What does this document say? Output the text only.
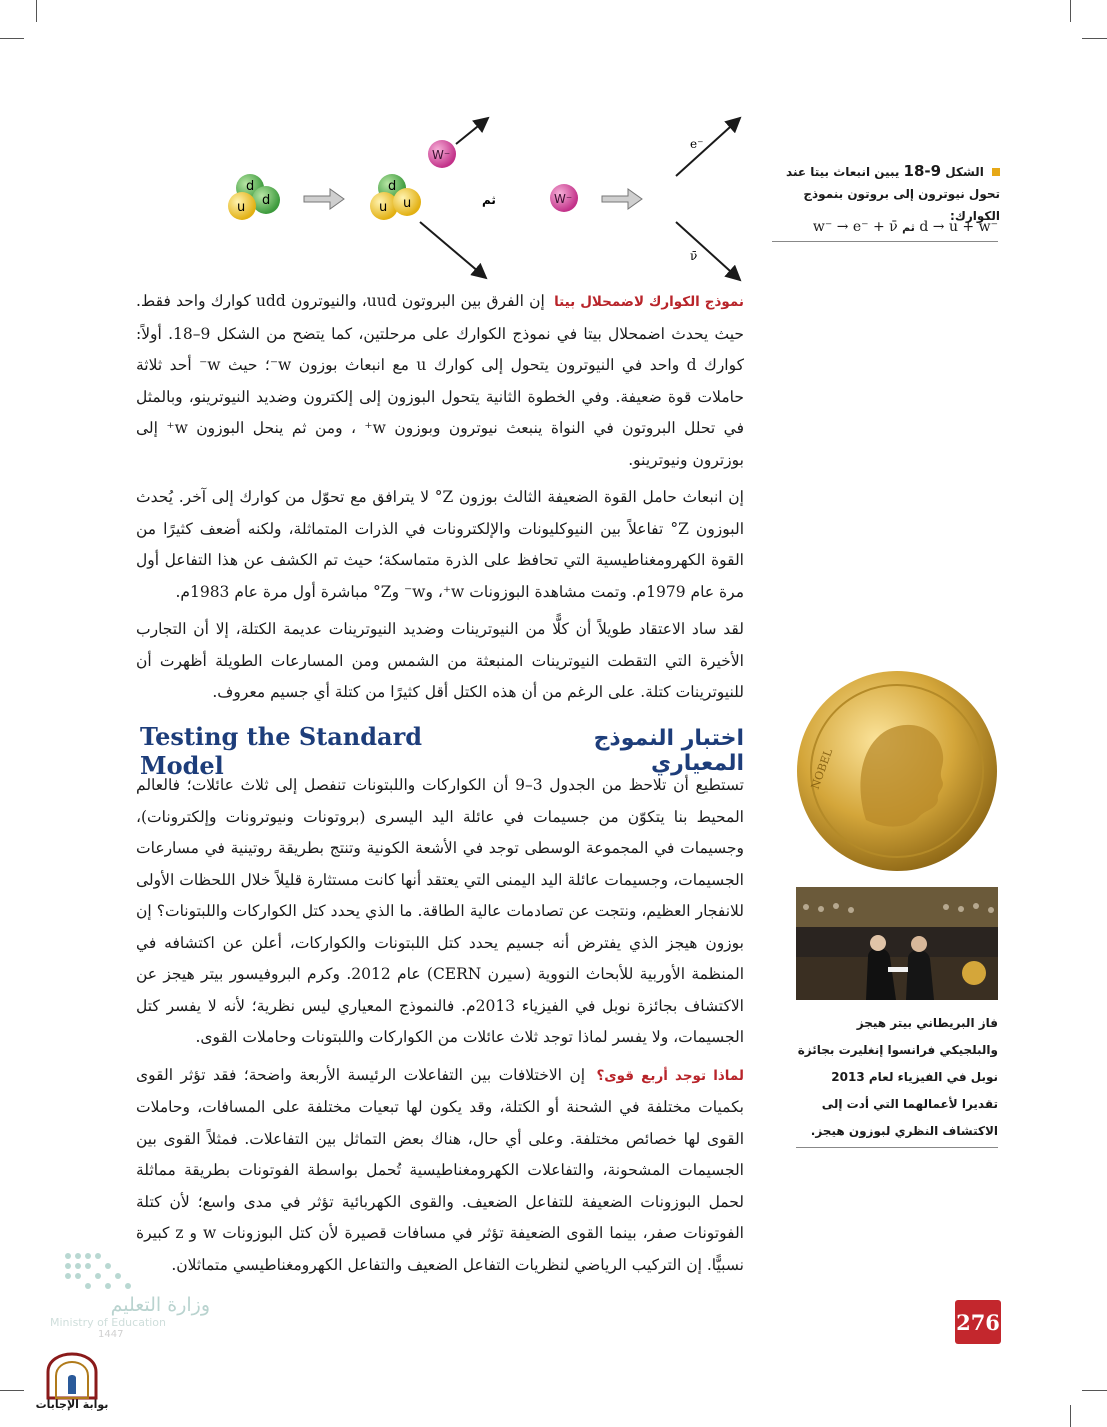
d
u d
d
u u
W⁻
ثم	W⁻
e⁻
ν̄
الشكل 9-18 يبين انبعاث بيتا عند
تحول نيوترون إلى بروتون بنموذج الكوارك:
w⁻ → e⁻ + ν̄ ثم d → u + w⁻

نموذج الكوارك لاضمحلال بيتا إن الفرق بين البروتون uud، والنيوترون udd كوارك واحد فقط. حيث يحدث اضمحلال بيتا في نموذج الكوارك على مرحلتين، كما يتضح من الشكل 9–18. أولاً: كوارك d واحد في النيوترون يتحول إلى كوارك u مع انبعاث بوزون w⁻؛ حيث w⁻ أحد ثلاثة حاملات قوة ضعيفة. وفي الخطوة الثانية يتحول البوزون إلى إلكترون وضديد النيوترينو، وبالمثل في تحلل البروتون في النواة ينبعث نيوترون وبوزون w⁺ ، ومن ثم ينحل البوزون w⁺ إلى بوزترون ونيوترينو.

إن انبعاث حامل القوة الضعيفة الثالث بوزون Z° لا يترافق مع تحوّل من كوارك إلى آخر. يُحدث البوزون Z° تفاعلاً بين النيوكليونات والإلكترونات في الذرات المتماثلة، ولكنه أضعف كثيرًا من القوة الكهرومغناطيسية التي تحافظ على الذرة متماسكة؛ حيث تم الكشف عن هذا التفاعل أول مرة عام 1979م. وتمت مشاهدة البوزونات w⁺، وw⁻ وZ° مباشرة أول مرة عام 1983م.

لقد ساد الاعتقاد طويلاً أن كلًّا من النيوترينات وضديد النيوترينات عديمة الكتلة، إلا أن التجارب الأخيرة التي التقطت النيوترينات المنبعثة من الشمس ومن المسارعات الطويلة أظهرت أن للنيوترينات كتلة. على الرغم من أن هذه الكتل أقل كثيرًا من كتلة أي جسيم معروف.

Testing the Standard Model
اختبار النموذج المعياري

تستطيع أن تلاحظ من الجدول 3–9 أن الكواركات واللبتونات تنفصل إلى ثلاث عائلات؛ فالعالم المحيط بنا يتكوّن من جسيمات في عائلة اليد اليسرى (بروتونات ونيوترونات وإلكترونات)، وجسيمات في المجموعة الوسطى توجد في الأشعة الكونية وتنتج بطريقة روتينية في مسارعات الجسيمات، وجسيمات عائلة اليد اليمنى التي يعتقد أنها كانت مستثارة قليلاً خلال اللحظات الأولى للانفجار العظيم، ونتجت عن تصادمات عالية الطاقة. ما الذي يحدد كتل الكواركات واللبتونات؟ إن بوزون هيجز الذي يفترض أنه جسيم يحدد كتل اللبتونات والكواركات، أعلن عن اكتشافه في المنظمة الأوربية للأبحاث النووية (سيرن CERN) عام 2012. وكرم البروفيسور بيتر هيجز عن الاكتشاف بجائزة نوبل في الفيزياء 2013م. فالنموذج المعياري ليس نظرية؛ لأنه لا يفسر كتل الجسيمات، ولا يفسر لماذا توجد ثلاث عائلات من الكواركات واللبتونات وحاملات القوى.

لماذا توجد أربع قوى؟ إن الاختلافات بين التفاعلات الرئيسة الأربعة واضحة؛ فقد تؤثر القوى بكميات مختلفة في الشحنة أو الكتلة، وقد يكون لها تبعيات مختلفة على المسافات، وحاملات القوى لها خصائص مختلفة. وعلى أي حال، هناك بعض التماثل بين التفاعلات. فمثلاً القوى بين الجسيمات المشحونة، والتفاعلات الكهرومغناطيسية تُحمل بواسطة الفوتونات بطريقة مماثلة لحمل البوزونات الضعيفة للتفاعل الضعيف. والقوى الكهربائية تؤثر في مدى واسع؛ لأن كتلة الفوتونات صفر، بينما القوى الضعيفة تؤثر في مسافات قصيرة لأن كتل البوزونات w و z كبيرة نسبيًّا. إن التركيب الرياضي لنظريات التفاعل الضعيف والتفاعل الكهرومغناطيسي متماثلان.

NOBEL
فاز البريطاني بيتر هيجز والبلجيكي فرانسوا إنغليرت بجائزة نوبل في الفيزياء لعام 2013 تقديرا لأعمالهما التي أدت إلى الاكتشاف النظري لبوزون هيجز.
276
وزارة التعليم
Ministry of Education
1447
بوابة الإجابات
